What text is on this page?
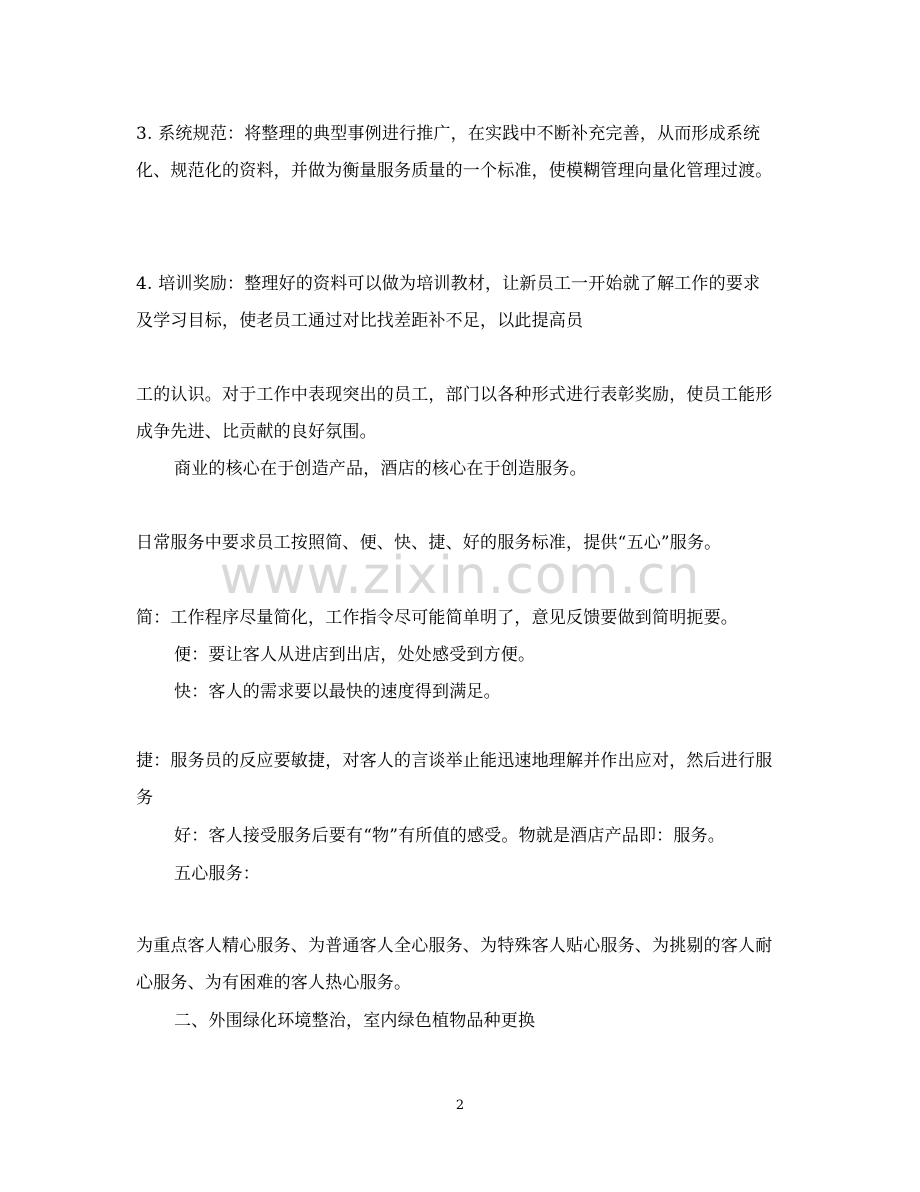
www.zixin.com.cn

3. 系统规范：将整理的典型事例进行推广，在实践中不断补充完善，从而形成系统化、规范化的资料，并做为衡量服务质量的一个标准，使模糊管理向量化管理过渡。

4. 培训奖励：整理好的资料可以做为培训教材，让新员工一开始就了解工作的要求及学习目标，使老员工通过对比找差距补不足，以此提高员

工的认识。对于工作中表现突出的员工，部门以各种形式进行表彰奖励，使员工能形成争先进、比贡献的良好氛围。

商业的核心在于创造产品，酒店的核心在于创造服务。

日常服务中要求员工按照简、便、快、捷、好的服务标准，提供“五心”服务。

简：工作程序尽量简化，工作指令尽可能简单明了，意见反馈要做到简明扼要。

便：要让客人从进店到出店，处处感受到方便。

快：客人的需求要以最快的速度得到满足。

捷：服务员的反应要敏捷，对客人的言谈举止能迅速地理解并作出应对，然后进行服务

好：客人接受服务后要有“物”有所值的感受。物就是酒店产品即：服务。

五心服务：

为重点客人精心服务、为普通客人全心服务、为特殊客人贴心服务、为挑剔的客人耐心服务、为有困难的客人热心服务。

二、外围绿化环境整治，室内绿色植物品种更换

2
